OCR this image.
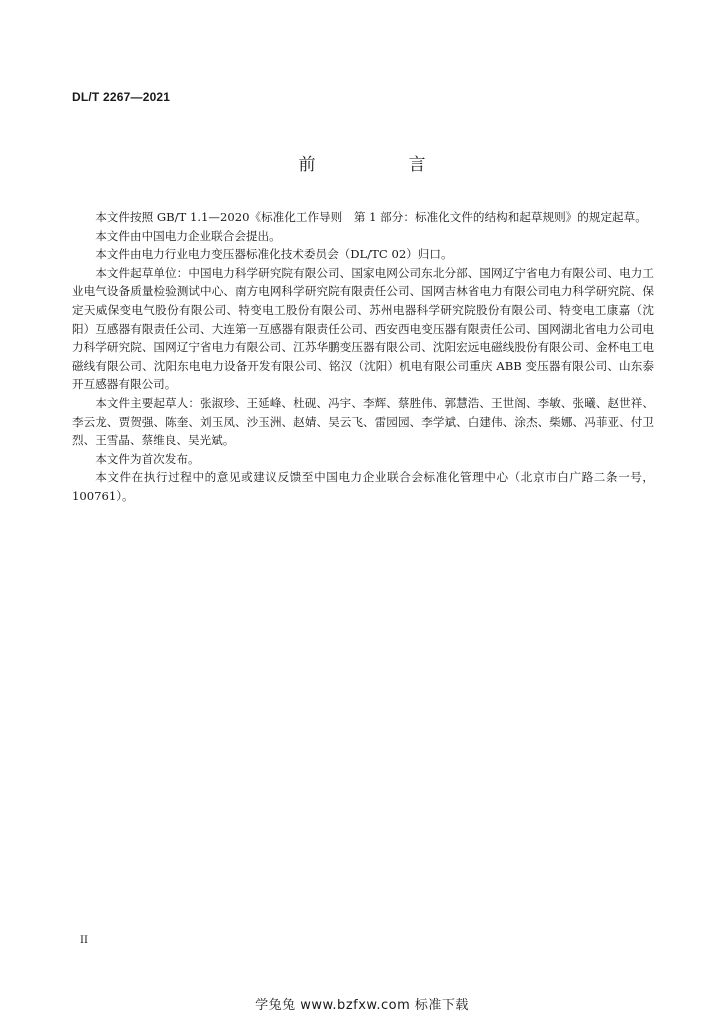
DL/T 2267—2021
前　言

本文件按照 GB/T 1.1—2020《标准化工作导则　第 1 部分：标准化文件的结构和起草规则》的规定起草。

本文件由中国电力企业联合会提出。

本文件由电力行业电力变压器标准化技术委员会（DL/TC 02）归口。

本文件起草单位：中国电力科学研究院有限公司、国家电网公司东北分部、国网辽宁省电力有限公司、电力工业电气设备质量检验测试中心、南方电网科学研究院有限责任公司、国网吉林省电力有限公司电力科学研究院、保定天威保变电气股份有限公司、特变电工股份有限公司、苏州电器科学研究院股份有限公司、特变电工康嘉（沈阳）互感器有限责任公司、大连第一互感器有限责任公司、西安西电变压器有限责任公司、国网湖北省电力公司电力科学研究院、国网辽宁省电力有限公司、江苏华鹏变压器有限公司、沈阳宏远电磁线股份有限公司、金杯电工电磁线有限公司、沈阳东电电力设备开发有限公司、铭汉（沈阳）机电有限公司重庆 ABB 变压器有限公司、山东泰开互感器有限公司。

本文件主要起草人：张淑珍、王延峰、杜砚、冯宇、李辉、蔡胜伟、郭慧浩、王世阁、李敏、张曦、赵世祥、李云龙、贾贺强、陈奎、刘玉凤、沙玉洲、赵婧、吴云飞、雷园园、李学斌、白建伟、涂杰、柴娜、冯菲亚、付卫烈、王雪晶、蔡维良、吴光斌。

本文件为首次发布。

本文件在执行过程中的意见或建议反馈至中国电力企业联合会标准化管理中心（北京市白广路二条一号，100761）。

II
学兔兔 www.bzfxw.com 标准下载
